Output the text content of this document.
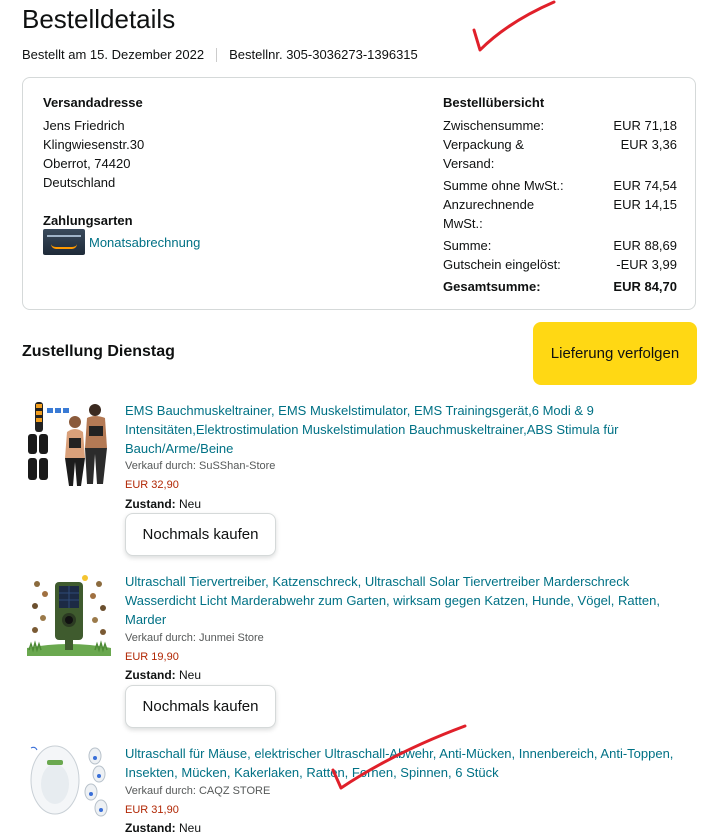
Bestelldetails
Bestellt am 15. Dezember 2022 Bestellnr. 305-3036273-1396315
Versandadresse
Jens Friedrich
Klingwiesenstr.30
Oberrot, 74420
Deutschland
Zahlungsarten
Monatsabrechnung
Bestellübersicht
Zwischensumme:	EUR 71,18
Verpackung & Versand:
EUR 3,36
Summe ohne MwSt.:	EUR 74,54
Anzurechnende MwSt.:
EUR 14,15
Summe:	EUR 88,69
Gutschein eingelöst:	-EUR 3,99
Gesamtsumme:	EUR 84,70
Zustellung Dienstag	Lieferung verfolgen
EMS Bauchmuskeltrainer, EMS Muskelstimulator, EMS Trainingsgerät,6 Modi & 9 Intensitäten,Elektrostimulation Muskelstimulation Bauchmuskeltrainer,ABS Stimula für Bauch/Arme/Beine
Verkauf durch: SuSShan-Store
EUR 32,90
Zustand: Neu
Nochmals kaufen
Ultraschall Tiervertreiber, Katzenschreck, Ultraschall Solar Tiervertreiber Marderschreck Wasserdicht Licht Marderabwehr zum Garten, wirksam gegen Katzen, Hunde, Vögel, Ratten, Marder
Verkauf durch: Junmei Store
EUR 19,90
Zustand: Neu
Nochmals kaufen
Ultraschall für Mäuse, elektrischer Ultraschall-Abwehr, Anti-Mücken, Innenbereich, Anti-Toppen, Insekten, Mücken, Kakerlaken, Ratten, Fornen, Spinnen, 6 Stück
Verkauf durch: CAQZ STORE
EUR 31,90
Zustand: Neu
